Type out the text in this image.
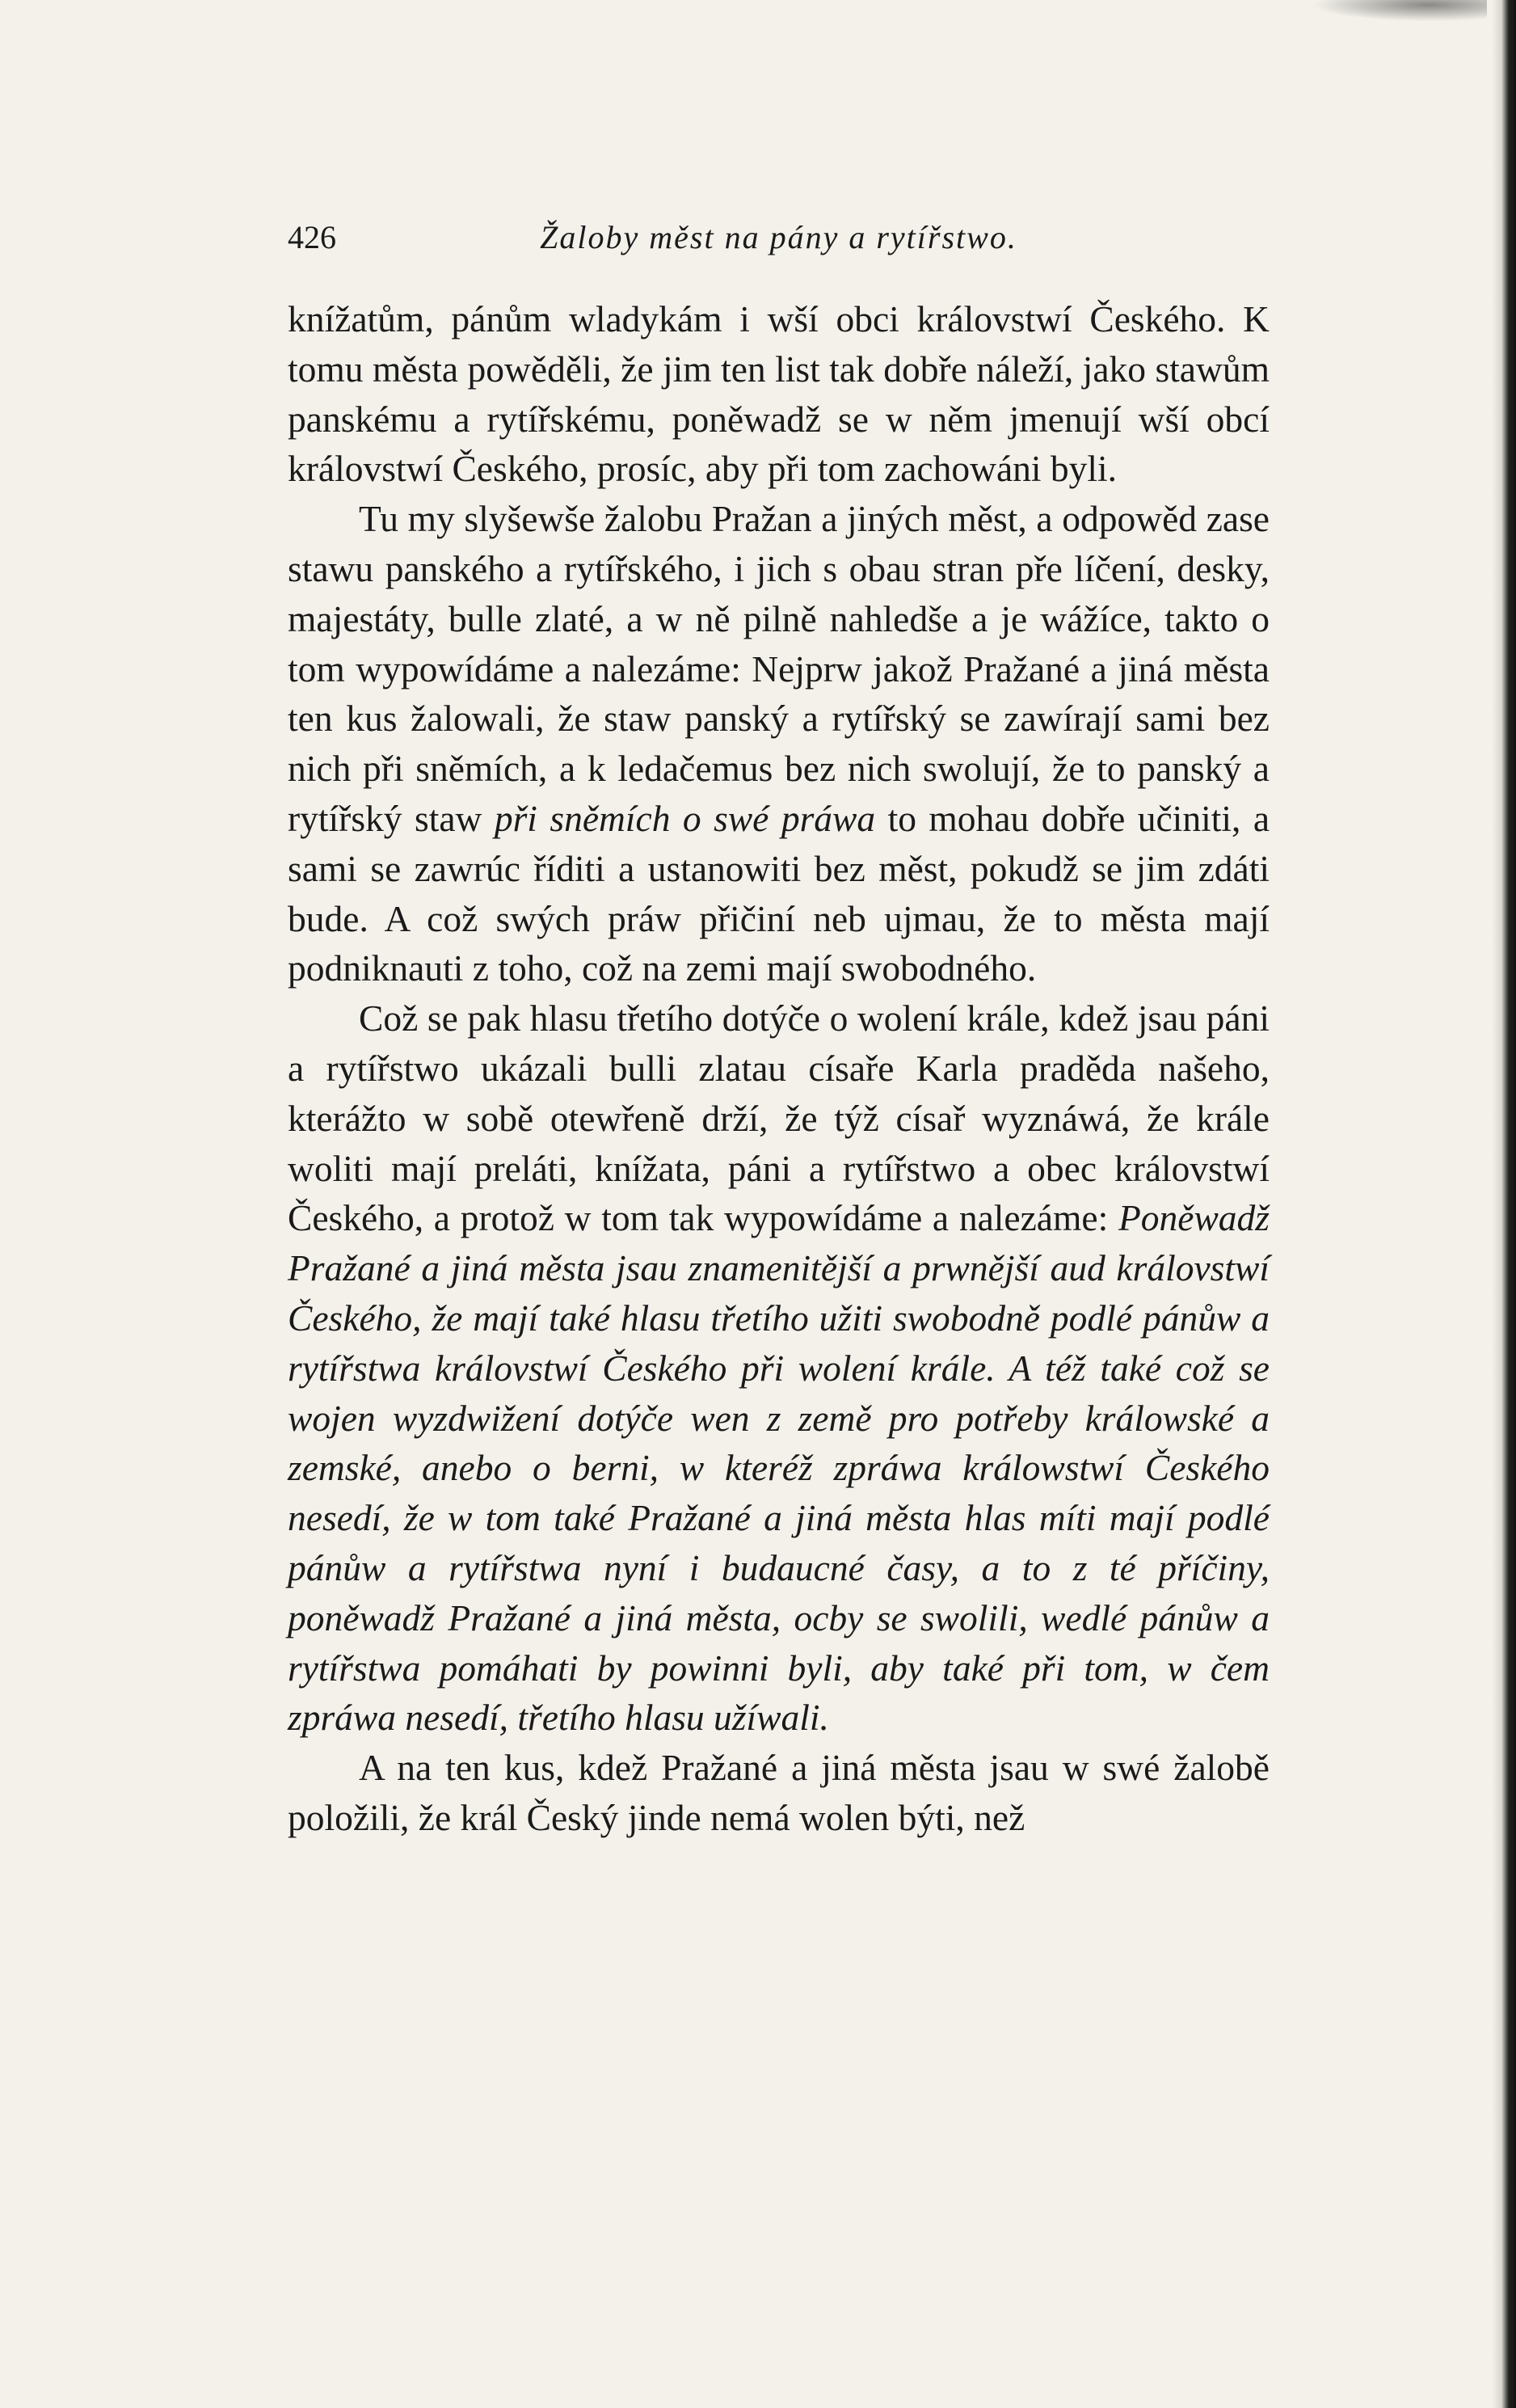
426	Žaloby měst na pány a rytířstwo.

knížatům, pánům wladykám i wší obci královstwí Českého. K tomu města powěděli, že jim ten list tak dobře náleží, jako stawům panskému a rytířskému, poněwadž se w něm jmenují wší obcí královstwí Českého, prosíc, aby při tom zachowáni byli.

Tu my slyšewše žalobu Pražan a jiných měst, a odpowěd zase stawu panského a rytířského, i jich s obau stran pře líčení, desky, majestáty, bulle zlaté, a w ně pilně nahledše a je wážíce, takto o tom wypowídáme a nalezáme: Nejprw jakož Pražané a jiná města ten kus žalowali, že staw panský a rytířský se zawírají sami bez nich při sněmích, a k ledačemus bez nich swolují, že to panský a rytířský staw při sněmích o swé práwa to mohau dobře učiniti, a sami se zawrúc říditi a ustanowiti bez měst, pokudž se jim zdáti bude. A což swých práw přičiní neb ujmau, že to města mají podniknauti z toho, což na zemi mají swobodného.

Což se pak hlasu třetího dotýče o wolení krále, kdež jsau páni a rytířstwo ukázali bulli zlatau císaře Karla praděda našeho, kterážto w sobě otewřeně drží, že týž císař wyznáwá, že krále woliti mají preláti, knížata, páni a rytířstwo a obec královstwí Českého, a protož w tom tak wypowídáme a nalezáme: Poněwadž Pražané a jiná města jsau znamenitější a prwnější aud královstwí Českého, že mají také hlasu třetího užiti swobodně podlé pánůw a rytířstwa královstwí Českého při wolení krále. A též také což se wojen wyzdwižení dotýče wen z země pro potřeby králowské a zemské, anebo o berni, w kteréž zpráwa králowstwí Českého nesedí, že w tom také Pražané a jiná města hlas míti mají podlé pánůw a rytířstwa nyní i budaucné časy, a to z té příčiny, poněwadž Pražané a jiná města, ocby se swolili, wedlé pánůw a rytířstwa pomáhati by powinni byli, aby také při tom, w čem zpráwa nesedí, třetího hlasu užíwali.

A na ten kus, kdež Pražané a jiná města jsau w swé žalobě položili, že král Český jinde nemá wolen býti, než
